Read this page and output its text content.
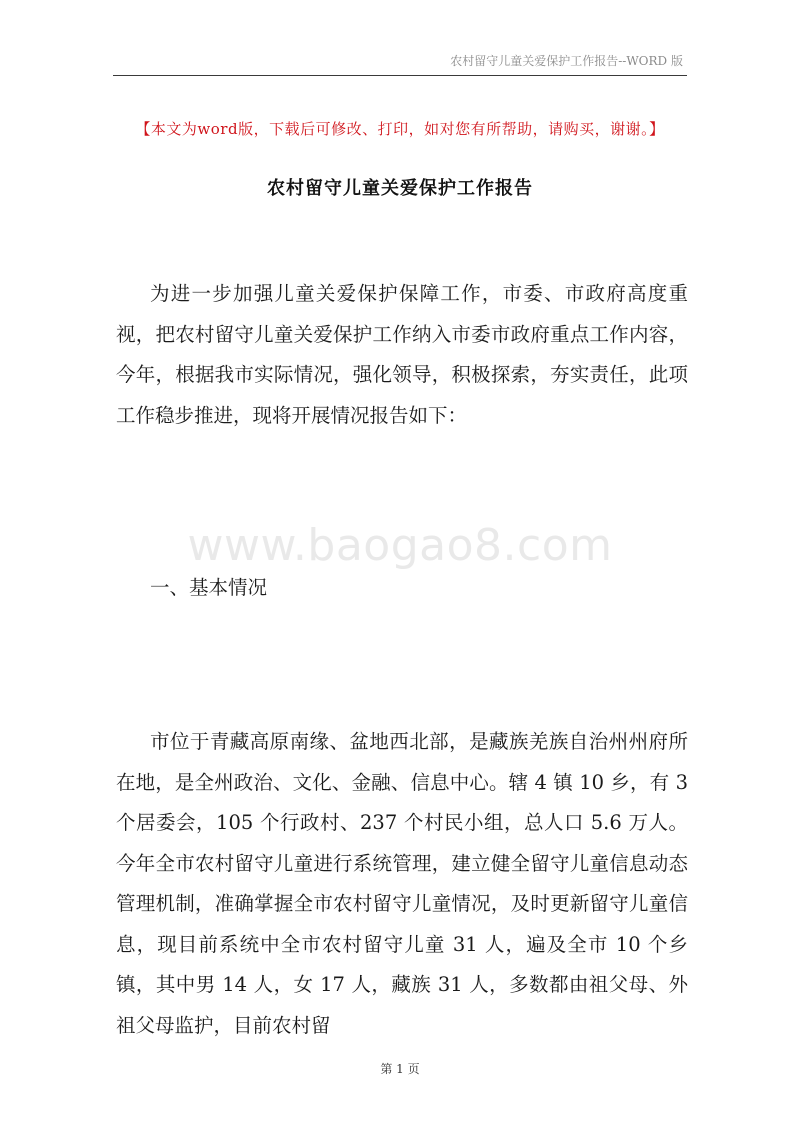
农村留守儿童关爱保护工作报告--WORD 版
【本文为word版，下载后可修改、打印，如对您有所帮助，请购买，谢谢。】
农村留守儿童关爱保护工作报告

为进一步加强儿童关爱保护保障工作，市委、市政府高度重视，把农村留守儿童关爱保护工作纳入市委市政府重点工作内容，今年，根据我市实际情况，强化领导，积极探索，夯实责任，此项工作稳步推进，现将开展情况报告如下：

www.baogao8.com
一、基本情况

市位于青藏高原南缘、盆地西北部，是藏族羌族自治州州府所在地，是全州政治、文化、金融、信息中心。辖 4 镇 10 乡，有 3 个居委会，105 个行政村、237 个村民小组，总人口 5.6 万人。今年全市农村留守儿童进行系统管理，建立健全留守儿童信息动态管理机制，准确掌握全市农村留守儿童情况，及时更新留守儿童信息，现目前系统中全市农村留守儿童 31 人，遍及全市 10 个乡镇，其中男 14 人，女 17 人，藏族 31 人，多数都由祖父母、外祖父母监护，目前农村留

第 1 页
